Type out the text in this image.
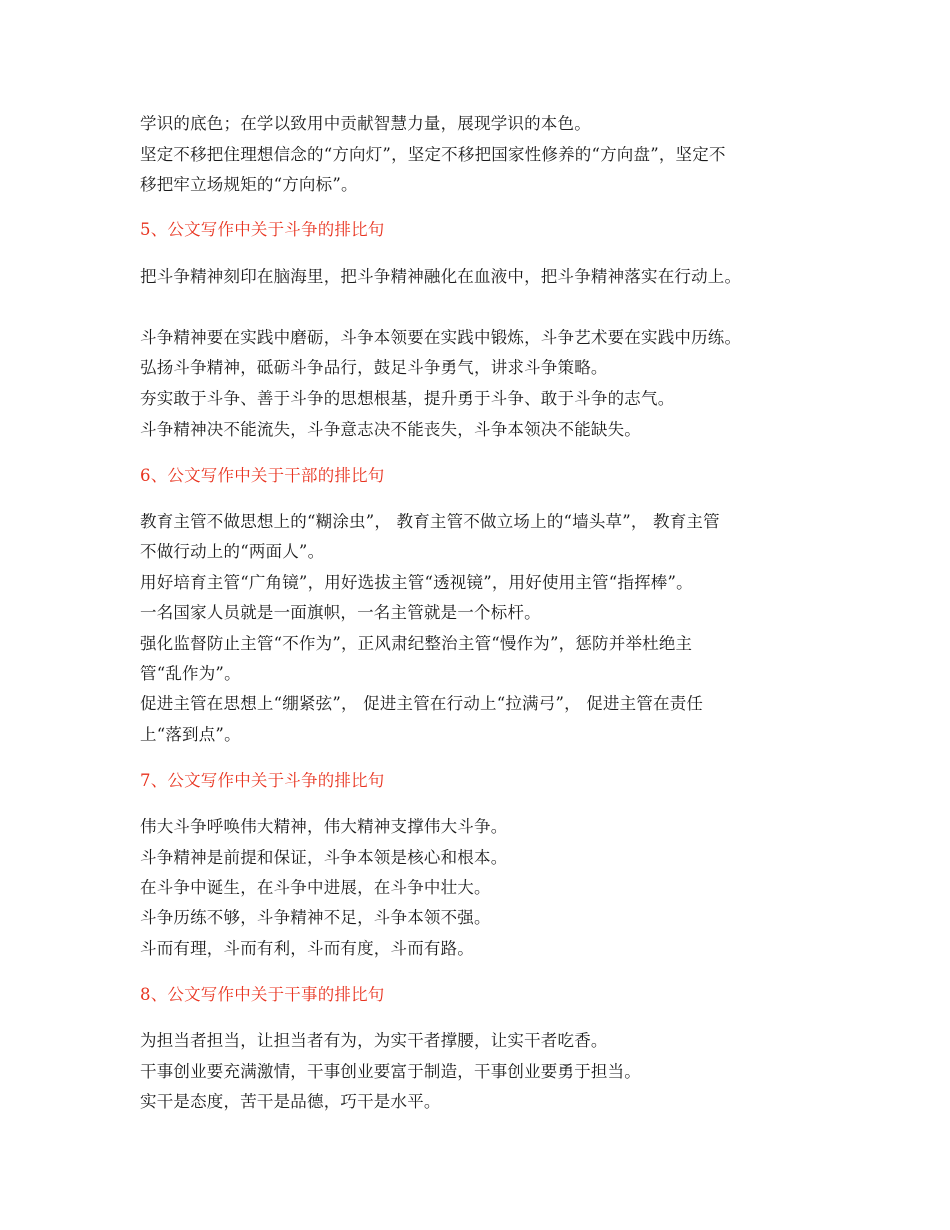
学识的底色；在学以致用中贡献智慧力量，展现学识的本色。
坚定不移把住理想信念的“方向灯”，坚定不移把国家性修养的“方向盘”，坚定不
移把牢立场规矩的“方向标”。
5、公文写作中关于斗争的排比句
把斗争精神刻印在脑海里，把斗争精神融化在血液中，把斗争精神落实在行动上。
斗争精神要在实践中磨砺，斗争本领要在实践中锻炼，斗争艺术要在实践中历练。
弘扬斗争精神，砥砺斗争品行，鼓足斗争勇气，讲求斗争策略。
夯实敢于斗争、善于斗争的思想根基，提升勇于斗争、敢于斗争的志气。
斗争精神决不能流失，斗争意志决不能丧失，斗争本领决不能缺失。
6、公文写作中关于干部的排比句
教育主管不做思想上的“糊涂虫”， 教育主管不做立场上的“墙头草”， 教育主管
不做行动上的“两面人”。
用好培育主管“广角镜”，用好选拔主管“透视镜”，用好使用主管“指挥棒”。
一名国家人员就是一面旗帜，一名主管就是一个标杆。
强化监督防止主管“不作为”，正风肃纪整治主管“慢作为”，惩防并举杜绝主
管“乱作为”。
促进主管在思想上“绷紧弦”， 促进主管在行动上“拉满弓”， 促进主管在责任
上“落到点”。
7、公文写作中关于斗争的排比句
伟大斗争呼唤伟大精神，伟大精神支撑伟大斗争。
斗争精神是前提和保证，斗争本领是核心和根本。
在斗争中诞生，在斗争中进展，在斗争中壮大。
斗争历练不够，斗争精神不足，斗争本领不强。
斗而有理，斗而有利，斗而有度，斗而有路。
8、公文写作中关于干事的排比句
为担当者担当，让担当者有为，为实干者撑腰，让实干者吃香。
干事创业要充满激情，干事创业要富于制造，干事创业要勇于担当。
实干是态度，苦干是品德，巧干是水平。
